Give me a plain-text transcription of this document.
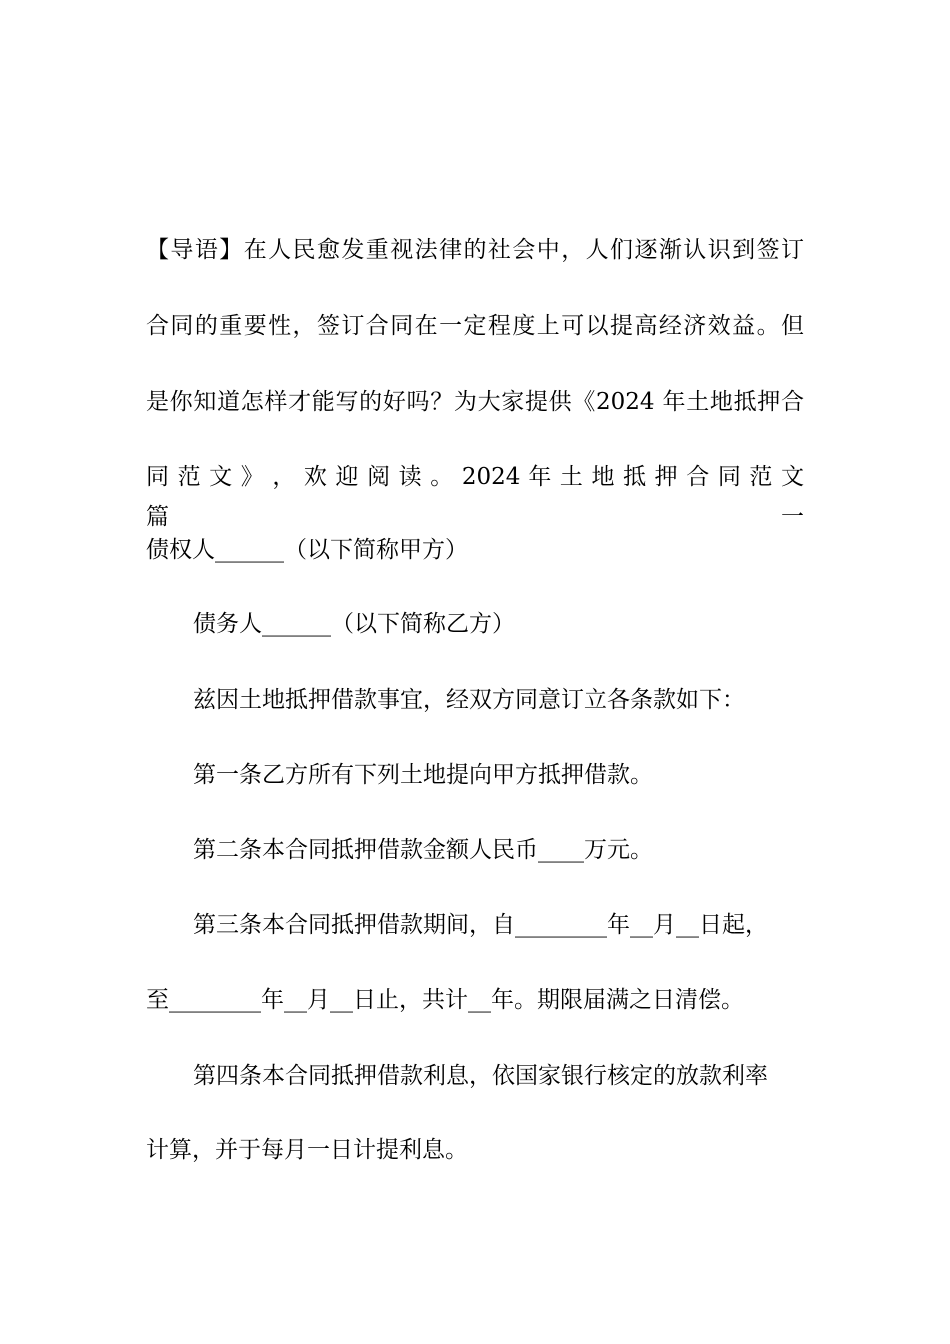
【导语】在人民愈发重视法律的社会中，人们逐渐认识到签订
合同的重要性，签订合同在一定程度上可以提高经济效益。但
是你知道怎样才能写的好吗？为大家提供《2024 年土地抵押合
同 范 文 》 ， 欢 迎 阅 读 。 2024 年 土 地 抵 押 合 同 范 文 篇 一
债权人______（以下简称甲方）
债务人______（以下简称乙方）
兹因土地抵押借款事宜，经双方同意订立各条款如下：
第一条乙方所有下列土地提向甲方抵押借款。
第二条本合同抵押借款金额人民币____万元。
第三条本合同抵押借款期间，自________年__月__日起，
至________年__月__日止，共计__年。期限届满之日清偿。
第四条本合同抵押借款利息，依国家银行核定的放款利率
计算，并于每月一日计提利息。
